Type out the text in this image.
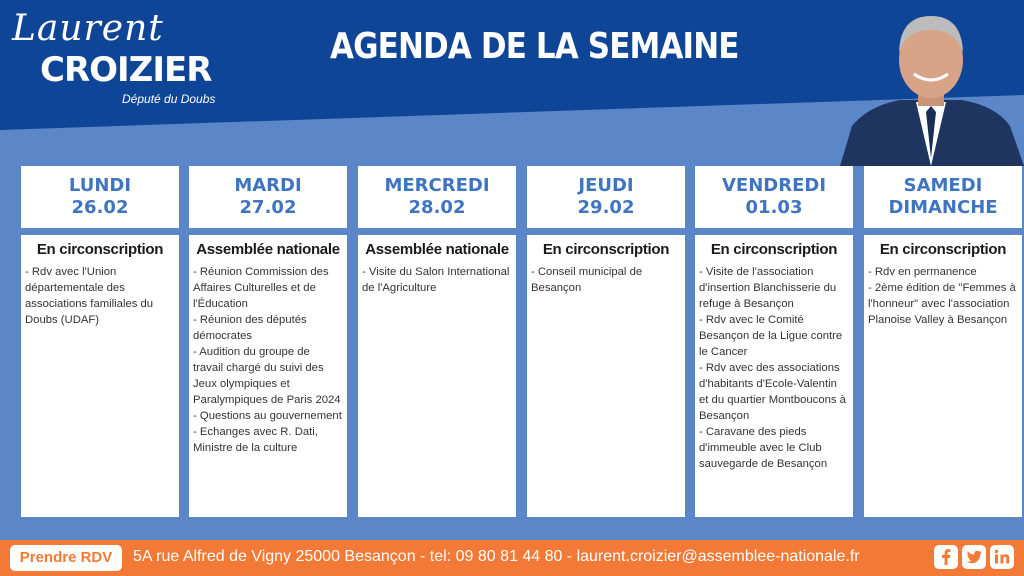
Laurent
CROIZIER
Député du Doubs
AGENDA DE LA SEMAINE
LUNDI
26.02
En circonscription
- Rdv avec l'Union départementale des associations familiales du Doubs (UDAF)
MARDI
27.02
Assemblée nationale
- Réunion Commission des Affaires Culturelles et de l'Éducation
- Réunion des députés démocrates
- Audition du groupe de travail chargé du suivi des Jeux olympiques et Paralympiques de Paris 2024
- Questions au gouvernement
- Echanges avec R. Dati, Ministre de la culture
MERCREDI
28.02
Assemblée nationale
- Visite du Salon International de l'Agriculture
JEUDI
29.02
En circonscription
- Conseil municipal de Besançon
VENDREDI
01.03
En circonscription
- Visite de l'association d'insertion Blanchisserie du refuge à Besançon
- Rdv avec le Comité Besançon de la Ligue contre le Cancer
- Rdv avec des associations d'habitants d'Ecole-Valentin et du quartier Montboucons à Besançon
- Caravane des pieds d'immeuble avec le Club sauvegarde de Besançon
SAMEDI
DIMANCHE
En circonscription
- Rdv en permanence
- 2ème édition de "Femmes à l'honneur" avec l'association Planoise Valley à Besançon
Prendre RDV	5A rue Alfred de Vigny 25000 Besançon - tel: 09 80 81 44 80 - laurent.croizier@assemblee-nationale.fr
